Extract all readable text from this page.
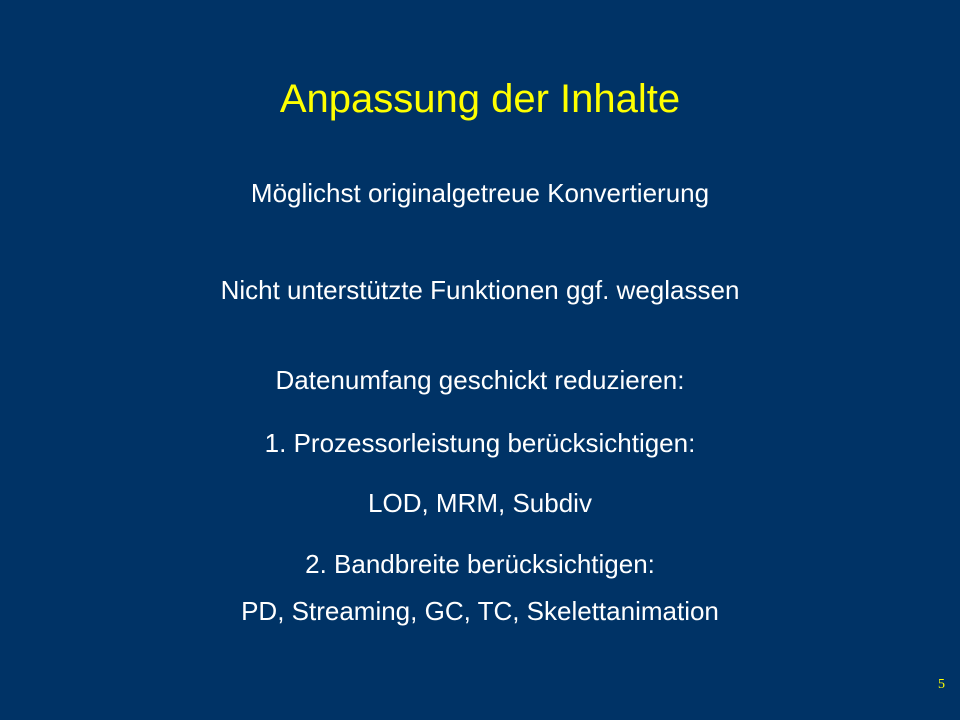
Anpassung der Inhalte
Möglichst originalgetreue Konvertierung
Nicht unterstützte Funktionen ggf. weglassen
Datenumfang geschickt reduzieren:
1. Prozessorleistung berücksichtigen:
LOD, MRM, Subdiv
2. Bandbreite berücksichtigen:
PD, Streaming, GC, TC, Skelettanimation
5
